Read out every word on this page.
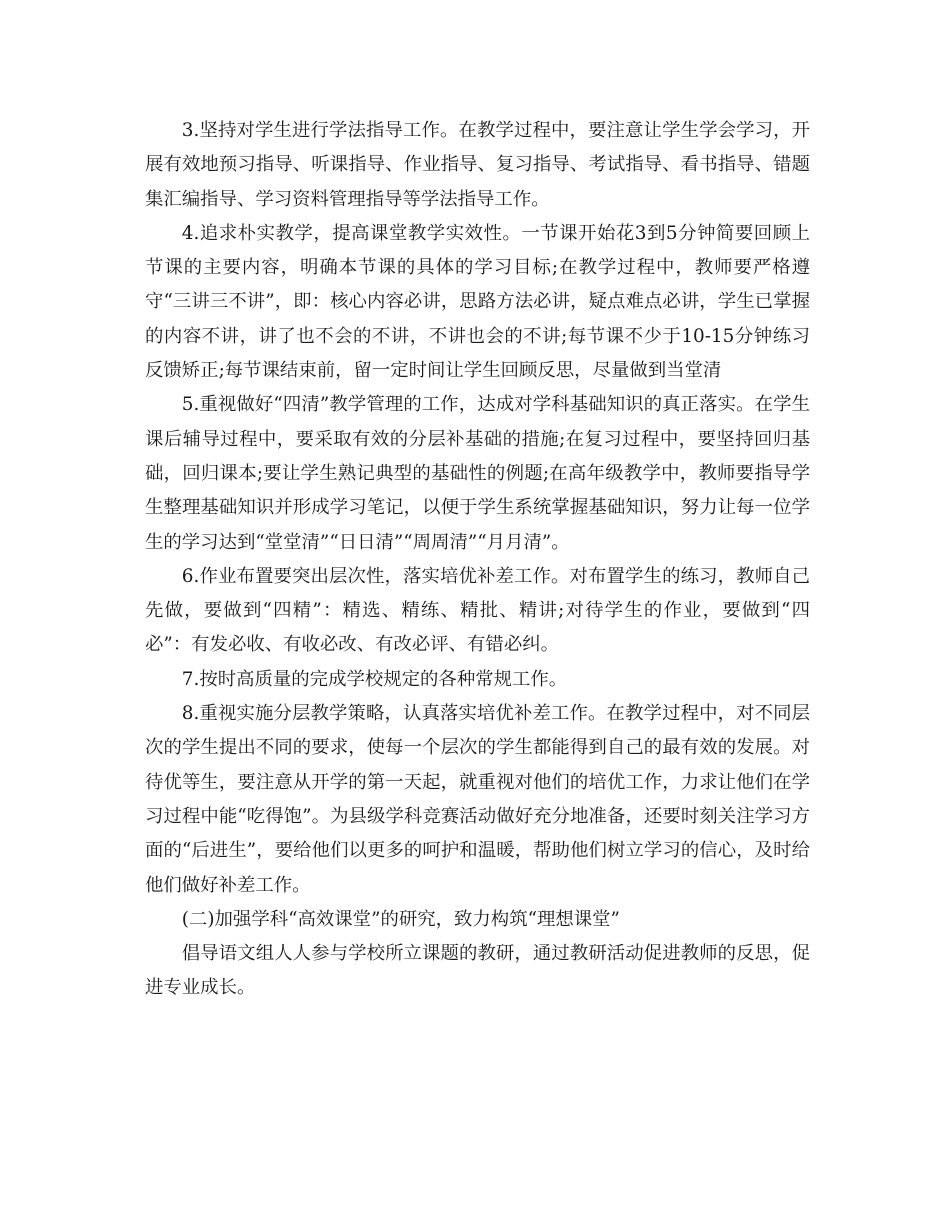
3.坚持对学生进行学法指导工作。在教学过程中，要注意让学生学会学习，开展有效地预习指导、听课指导、作业指导、复习指导、考试指导、看书指导、错题集汇编指导、学习资料管理指导等学法指导工作。

4.追求朴实教学，提高课堂教学实效性。一节课开始花3到5分钟简要回顾上节课的主要内容，明确本节课的具体的学习目标;在教学过程中，教师要严格遵守“三讲三不讲”，即：核心内容必讲，思路方法必讲，疑点难点必讲，学生已掌握的内容不讲，讲了也不会的不讲，不讲也会的不讲;每节课不少于10-15分钟练习反馈矫正;每节课结束前，留一定时间让学生回顾反思，尽量做到当堂清

5.重视做好“四清”教学管理的工作，达成对学科基础知识的真正落实。在学生课后辅导过程中，要采取有效的分层补基础的措施;在复习过程中，要坚持回归基础，回归课本;要让学生熟记典型的基础性的例题;在高年级教学中，教师要指导学生整理基础知识并形成学习笔记，以便于学生系统掌握基础知识，努力让每一位学生的学习达到“堂堂清”“日日清”“周周清”“月月清”。

6.作业布置要突出层次性，落实培优补差工作。对布置学生的练习，教师自己先做，要做到“四精”：精选、精练、精批、精讲;对待学生的作业，要做到“四必”：有发必收、有收必改、有改必评、有错必纠。

7.按时高质量的完成学校规定的各种常规工作。

8.重视实施分层教学策略，认真落实培优补差工作。在教学过程中，对不同层次的学生提出不同的要求，使每一个层次的学生都能得到自己的最有效的发展。对待优等生，要注意从开学的第一天起，就重视对他们的培优工作，力求让他们在学习过程中能“吃得饱”。为县级学科竞赛活动做好充分地准备，还要时刻关注学习方面的“后进生”，要给他们以更多的呵护和温暖，帮助他们树立学习的信心，及时给他们做好补差工作。

(二)加强学科“高效课堂”的研究，致力构筑“理想课堂”

倡导语文组人人参与学校所立课题的教研，通过教研活动促进教师的反思，促进专业成长。
